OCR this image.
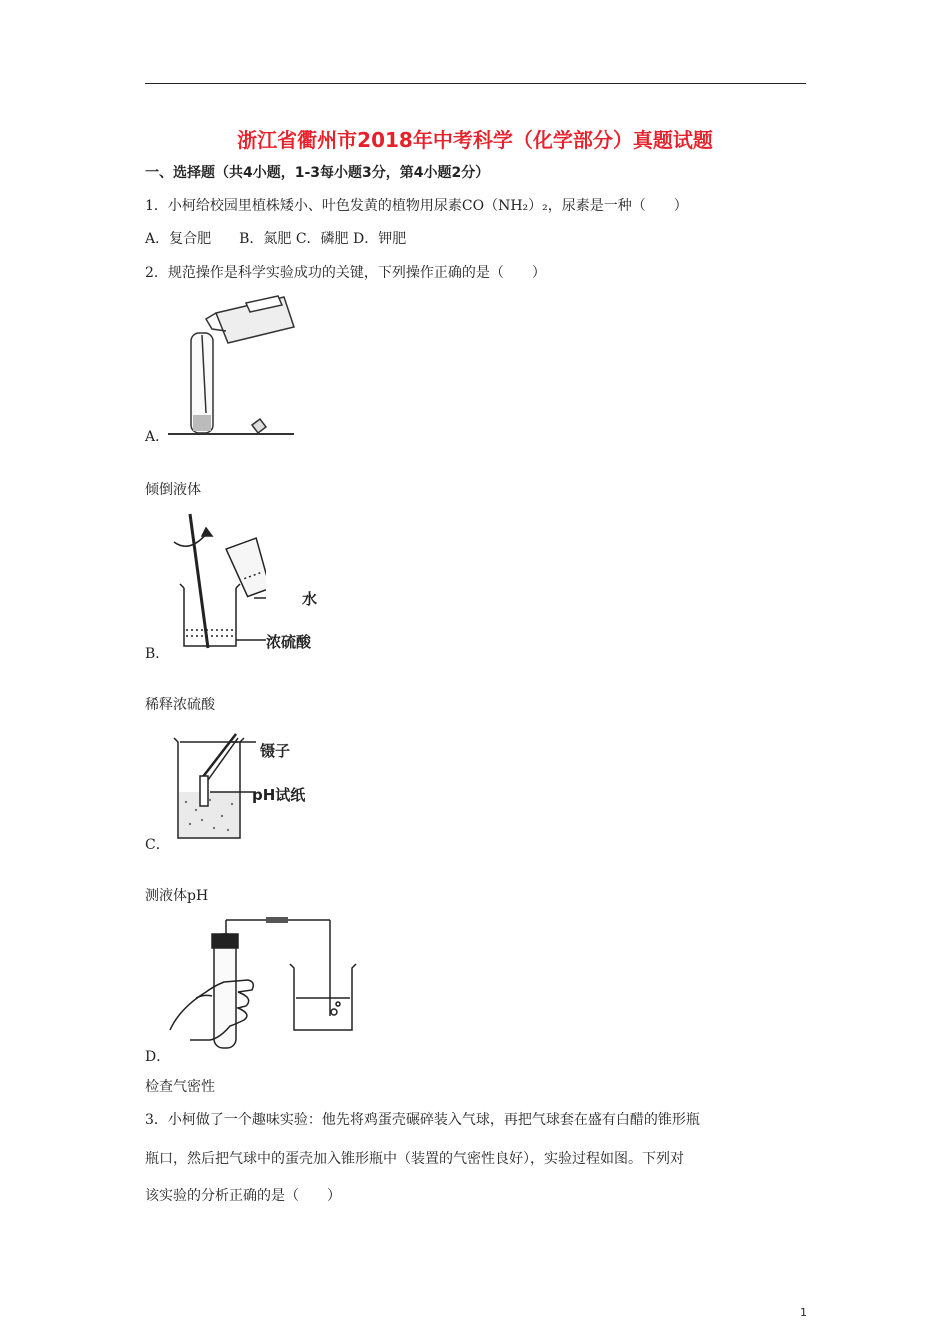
浙江省衢州市2018年中考科学（化学部分）真题试题
一、选择题（共4小题，1-3每小题3分，第4小题2分）
1．小柯给校园里植株矮小、叶色发黄的植物用尿素CO（NH₂）₂，尿素是一种（　　）
A．复合肥　　B．氮肥 C．磷肥 D．钾肥
2．规范操作是科学实验成功的关键，下列操作正确的是（　　）
A．
倾倒液体
水
浓硫酸
B．
稀释浓硫酸
镊子
pH试纸
C．
测液体pH
D．
检查气密性
3．小柯做了一个趣味实验：他先将鸡蛋壳碾碎装入气球，再把气球套在盛有白醋的锥形瓶
瓶口，然后把气球中的蛋壳加入锥形瓶中（装置的气密性良好），实验过程如图。下列对
该实验的分析正确的是（　　）
1
